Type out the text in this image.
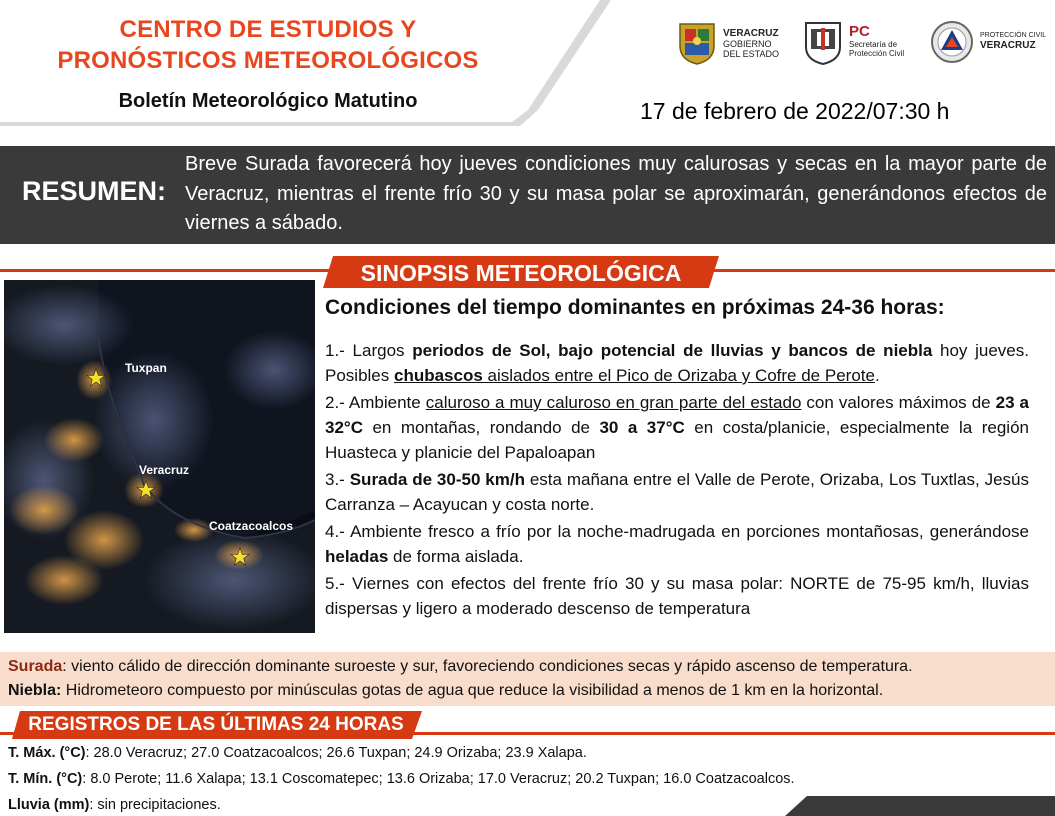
CENTRO DE ESTUDIOS Y
PRONÓSTICOS METEOROLÓGICOS
Boletín Meteorológico Matutino	17 de febrero de 2022/07:30 h
VERACRUZ
GOBIERNO
DEL ESTADO
PC
Secretaría de
Protección Civil
PROTECCIÓN CIVIL
VERACRUZ
RESUMEN:
Breve Surada favorecerá hoy jueves condiciones muy calurosas y secas en la mayor parte de Veracruz, mientras el frente frío 30 y su masa polar se aproximarán, generándonos efectos de viernes a sábado.
SINOPSIS METEOROLÓGICA
Tuxpan
Veracruz
Coatzacoalcos
Condiciones del tiempo dominantes en próximas 24-36 horas:

1.- Largos periodos de Sol, bajo potencial de lluvias y bancos de niebla hoy jueves. Posibles chubascos aislados entre el Pico de Orizaba y Cofre de Perote.

2.- Ambiente caluroso a muy caluroso en gran parte del estado con valores máximos de 23 a 32°C en montañas, rondando de 30 a 37°C en costa/planicie, especialmente la región Huasteca y planicie del Papaloapan

3.- Surada de 30-50 km/h esta mañana entre el Valle de Perote, Orizaba, Los Tuxtlas, Jesús Carranza – Acayucan y costa norte.

4.- Ambiente fresco a frío por la noche-madrugada en porciones montañosas, generándose heladas de forma aislada.

5.- Viernes con efectos del frente frío 30 y su masa polar: NORTE de 75-95 km/h, lluvias dispersas y ligero a moderado descenso de temperatura

Surada: viento cálido de dirección dominante suroeste y sur, favoreciendo condiciones secas y rápido ascenso de temperatura.
Niebla: Hidrometeoro compuesto por minúsculas gotas de agua que reduce la visibilidad a menos de 1 km en la horizontal.
REGISTROS DE LAS ÚLTIMAS 24 HORAS
T. Máx. (°C): 28.0 Veracruz; 27.0 Coatzacoalcos; 26.6 Tuxpan; 24.9 Orizaba; 23.9 Xalapa.
T. Mín. (°C): 8.0 Perote; 11.6 Xalapa; 13.1 Coscomatepec; 13.6 Orizaba; 17.0 Veracruz; 20.2 Tuxpan; 16.0 Coatzacoalcos.
Lluvia (mm): sin precipitaciones.
